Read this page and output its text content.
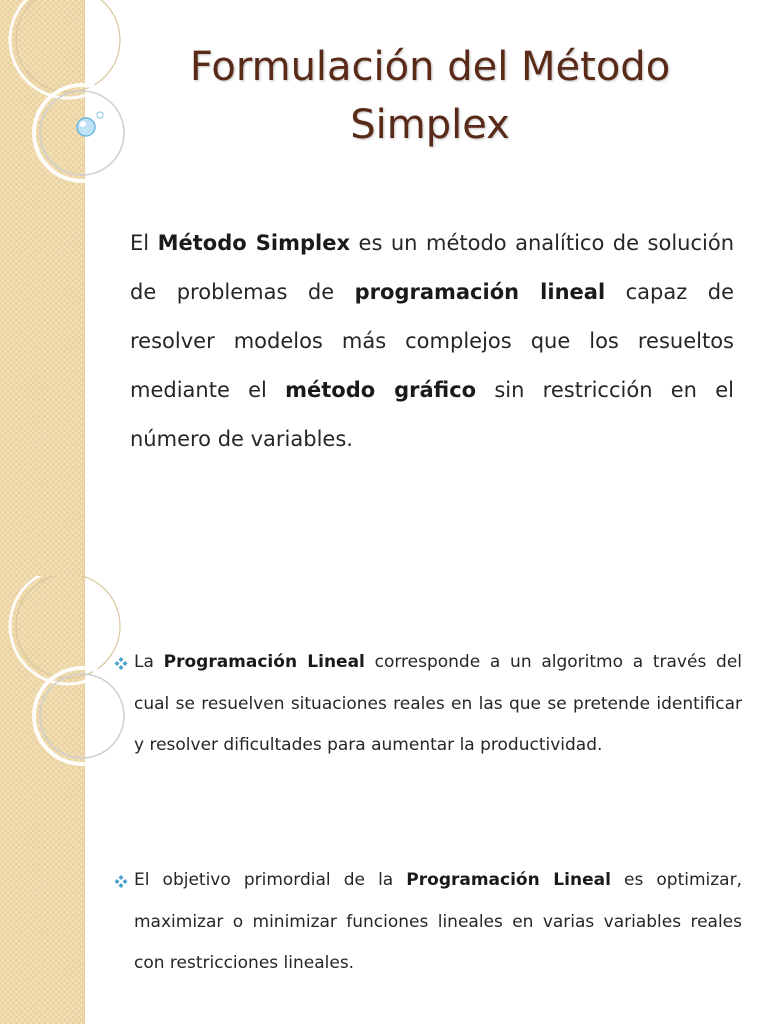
Formulación del Método Simplex

El Método Simplex es un método analítico de solución de problemas de programación lineal capaz de resolver modelos más complejos que los resueltos mediante el método gráfico sin restricción en el número de variables.

La Programación Lineal corresponde a un algoritmo a través del cual se resuelven situaciones reales en las que se pretende identificar y resolver dificultades para aumentar la productividad.

El objetivo primordial de la Programación Lineal es optimizar, maximizar o minimizar funciones lineales en varias variables reales con restricciones lineales.
